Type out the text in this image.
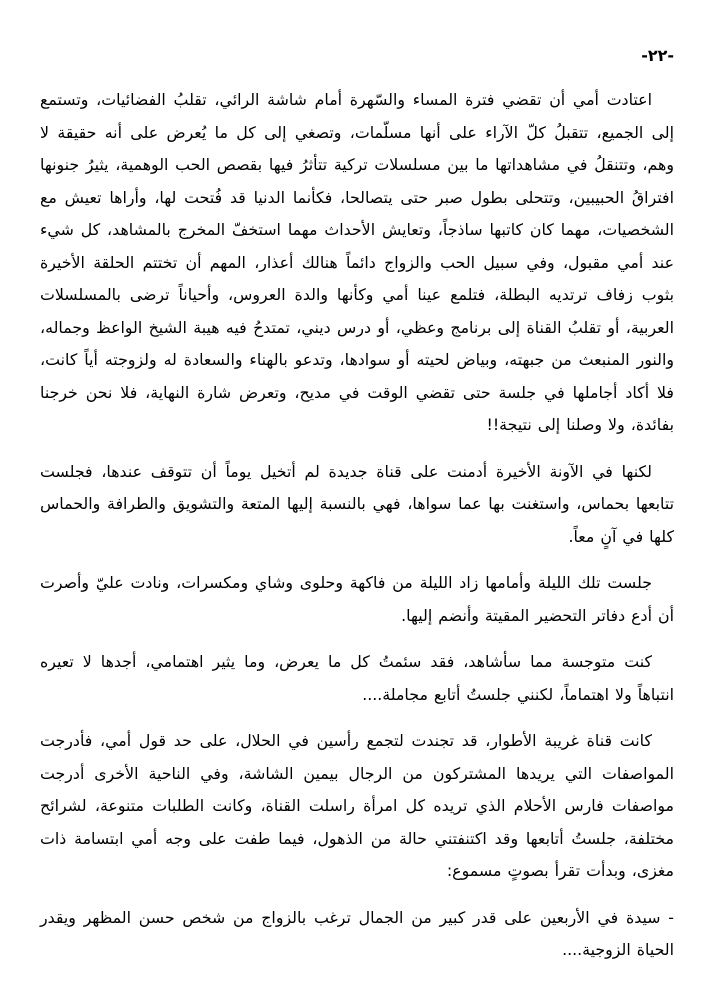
-٢٢-

اعتادت أمي أن تقضي فترة المساء والسّهرة أمام شاشة الرائي، تقلبُ الفضائيات، وتستمع إلى الجميع، تتقبلُ كلّ الآراء على أنها مسلّمات، وتصغي إلى كل ما يُعرض على أنه حقيقة لا وهم، وتتنقلُ في مشاهداتها ما بين مسلسلات تركية تتأثرُ فيها بقصص الحب الوهمية، يثيرُ جنونها افتراقُ الحبيبين، وتتحلى بطول صبر حتى يتصالحا، فكأنما الدنيا قد فُتحت لها، وأراها تعيش مع الشخصيات، مهما كان كاتبها ساذجاً، وتعايش الأحداث مهما استخفّ المخرج بالمشاهد، كل شيء عند أمي مقبول، وفي سبيل الحب والزواج دائماً هنالك أعذار، المهم أن تختتم الحلقة الأخيرة بثوب زفاف ترتديه البطلة، فتلمع عينا أمي وكأنها والدة العروس، وأحياناً ترضى بالمسلسلات العربية، أو تقلبُ القناة إلى برنامج وعظي، أو درس ديني، تمتدحُ فيه هيبة الشيخ الواعظ وجماله، والنور المنبعث من جبهته، وبياض لحيته أو سوادها، وتدعو بالهناء والسعادة له ولزوجته أياً كانت، فلا أكاد أجاملها في جلسة حتى تقضي الوقت في مديح، وتعرض شارة النهاية، فلا نحن خرجنا بفائدة، ولا وصلنا إلى نتيجة!!

لكنها في الآونة الأخيرة أدمنت على قناة جديدة لم أتخيل يوماً أن تتوقف عندها، فجلست تتابعها بحماس، واستغنت بها عما سواها، فهي بالنسبة إليها المتعة والتشويق والطرافة والحماس كلها في آنٍ معاً.

جلست تلك الليلة وأمامها زاد الليلة من فاكهة وحلوى وشاي ومكسرات، ونادت عليّ وأصرت أن أدع دفاتر التحضير المقيتة وأنضم إليها.

كنت متوجسة مما سأشاهد، فقد سئمتُ كل ما يعرض، وما يثير اهتمامي، أجدها لا تعيره انتباهاً ولا اهتماماً، لكنني جلستُ أتابع مجاملة....

كانت قناة غريبة الأطوار، قد تجندت لتجمع رأسين في الحلال، على حد قول أمي، فأدرجت المواصفات التي يريدها المشتركون من الرجال بيمين الشاشة، وفي الناحية الأخرى أدرجت مواصفات فارس الأحلام الذي تريده كل امرأة راسلت القناة، وكانت الطلبات متنوعة، لشرائح مختلفة، جلستُ أتابعها وقد اكتنفتني حالة من الذهول، فيما طفت على وجه أمي ابتسامة ذات مغزى، وبدأت تقرأ بصوتٍ مسموع:

- سيدة في الأربعين على قدر كبير من الجمال ترغب بالزواج من شخص حسن المظهر ويقدر الحياة الزوجية....
